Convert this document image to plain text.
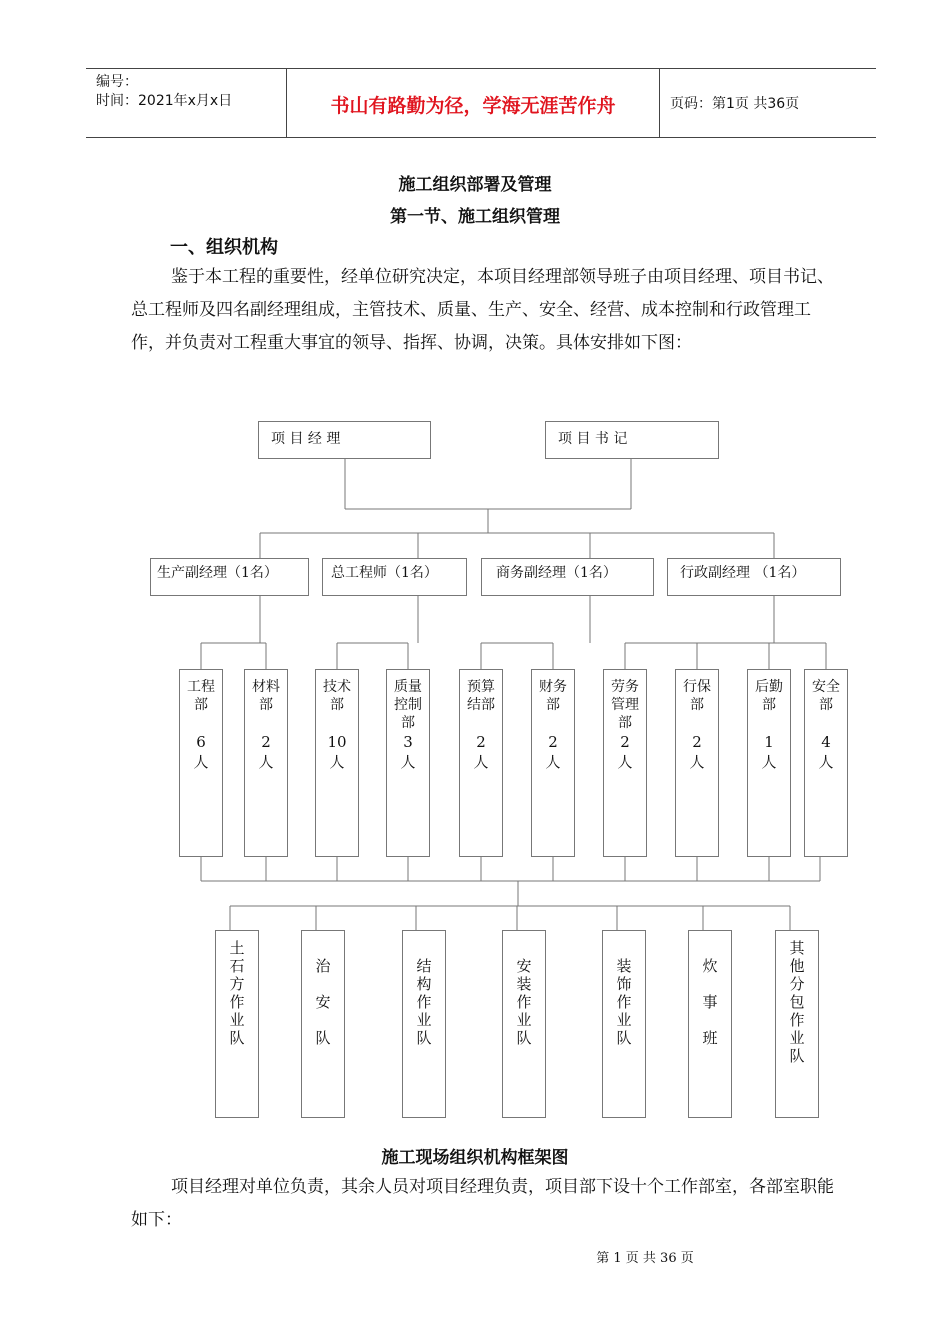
编号：
时间：2021年x月x日	书山有路勤为径，学海无涯苦作舟	页码：第1页 共36页
施工组织部署及管理
第一节、施工组织管理
一、组织机构
鉴于本工程的重要性，经单位研究决定，本项目经理部领导班子由项目经理、项目书记、总工程师及四名副经理组成，主管技术、质量、生产、安全、经营、成本控制和行政管理工作，并负责对工程重大事宜的领导、指挥、协调，决策。具体安排如下图：
项 目 经 理	项 目 书 记
生产副经理（1名）	总工程师（1名）	商务副经理（1名）	行政副经理 （1名）
工程
部
6
人
材料
部
2
人
技术
部
10
人
质量
控制
部
3
人
预算
结部
2
人
财务
部
2
人
劳务
管理
部
2
人
行保
部
2
人
后勤
部
1
人
安全
部
4
人
土
石
方
作
业
队

治

安

队

结
构
作
业
队

安
装
作
业
队

装
饰
作
业
队

炊

事

班
其
他
分
包
作
业
队
施工现场组织机构框架图
项目经理对单位负责，其余人员对项目经理负责，项目部下设十个工作部室，各部室职能如下：
第 1 页 共 36 页
